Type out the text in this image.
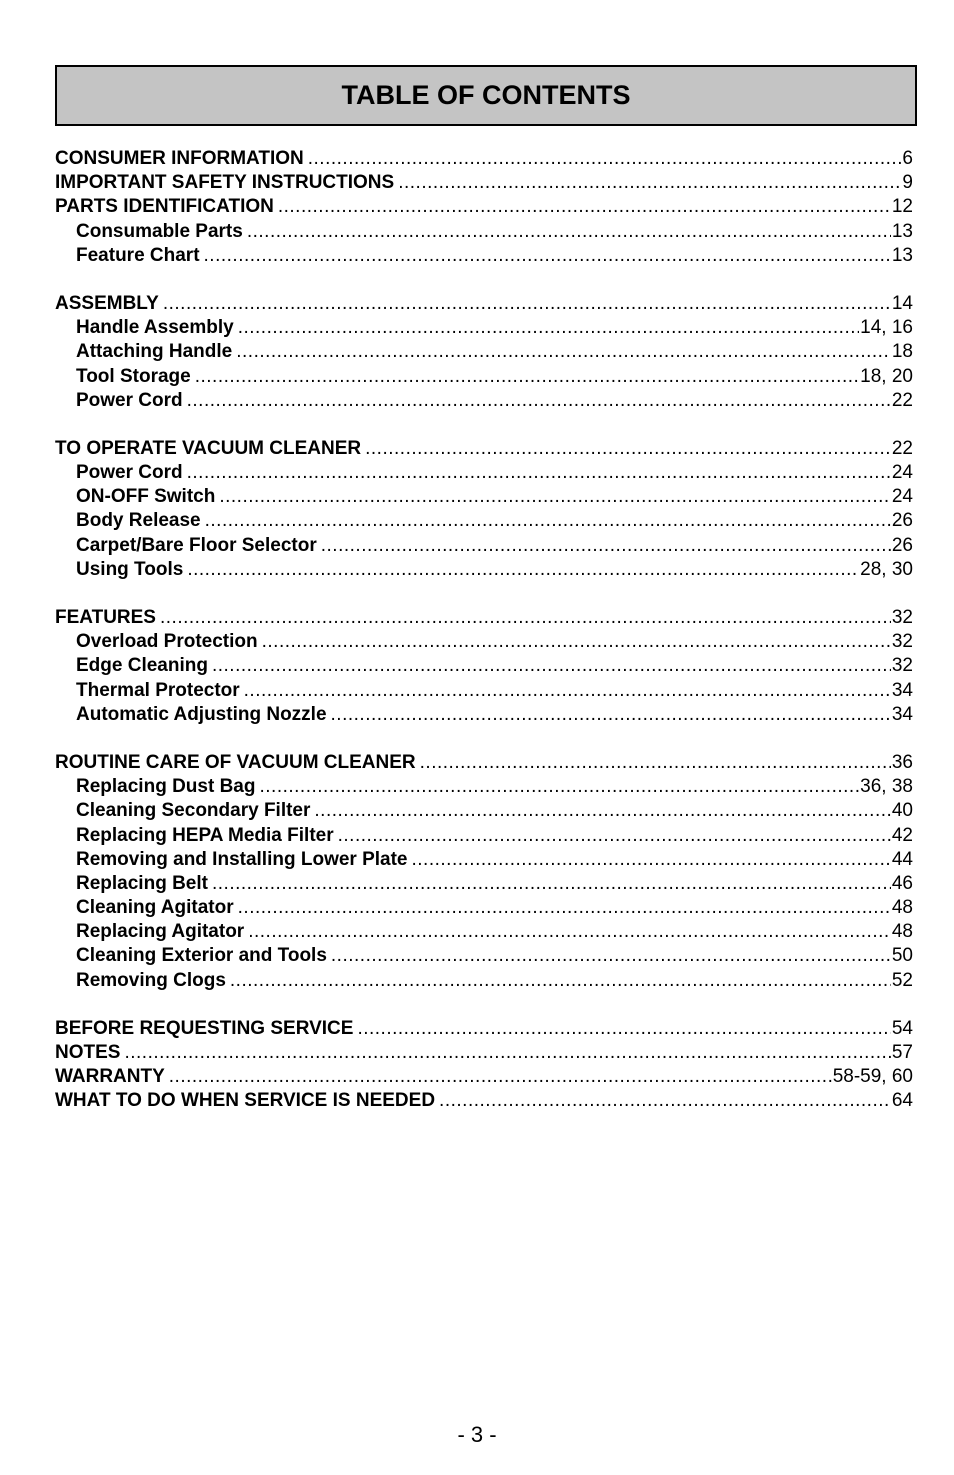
TABLE OF CONTENTS
CONSUMER INFORMATION .....	6
IMPORTANT SAFETY INSTRUCTIONS .....	9
PARTS IDENTIFICATION .....	12
Consumable Parts .....	13
Feature Chart .....	13
ASSEMBLY .....	14
Handle Assembly .....	14, 16
Attaching Handle .....	18
Tool Storage .....	18, 20
Power Cord .....	22
TO OPERATE VACUUM CLEANER .....	22
Power Cord .....	24
ON-OFF Switch .....	24
Body Release .....	26
Carpet/Bare Floor Selector .....	26
Using Tools .....	28, 30
FEATURES .....	32
Overload Protection .....	32
Edge Cleaning .....	32
Thermal Protector .....	34
Automatic Adjusting Nozzle .....	34
ROUTINE CARE OF VACUUM CLEANER .....	36
Replacing Dust Bag .....	36, 38
Cleaning Secondary Filter .....	40
Replacing HEPA Media Filter .....	42
Removing and Installing Lower Plate .....	44
Replacing Belt .....	46
Cleaning Agitator .....	48
Replacing Agitator .....	48
Cleaning Exterior and Tools .....	50
Removing Clogs .....	52
BEFORE REQUESTING SERVICE .....	54
NOTES .....	57
WARRANTY .....	58-59, 60
WHAT TO DO WHEN SERVICE IS NEEDED .....	64
- 3 -
